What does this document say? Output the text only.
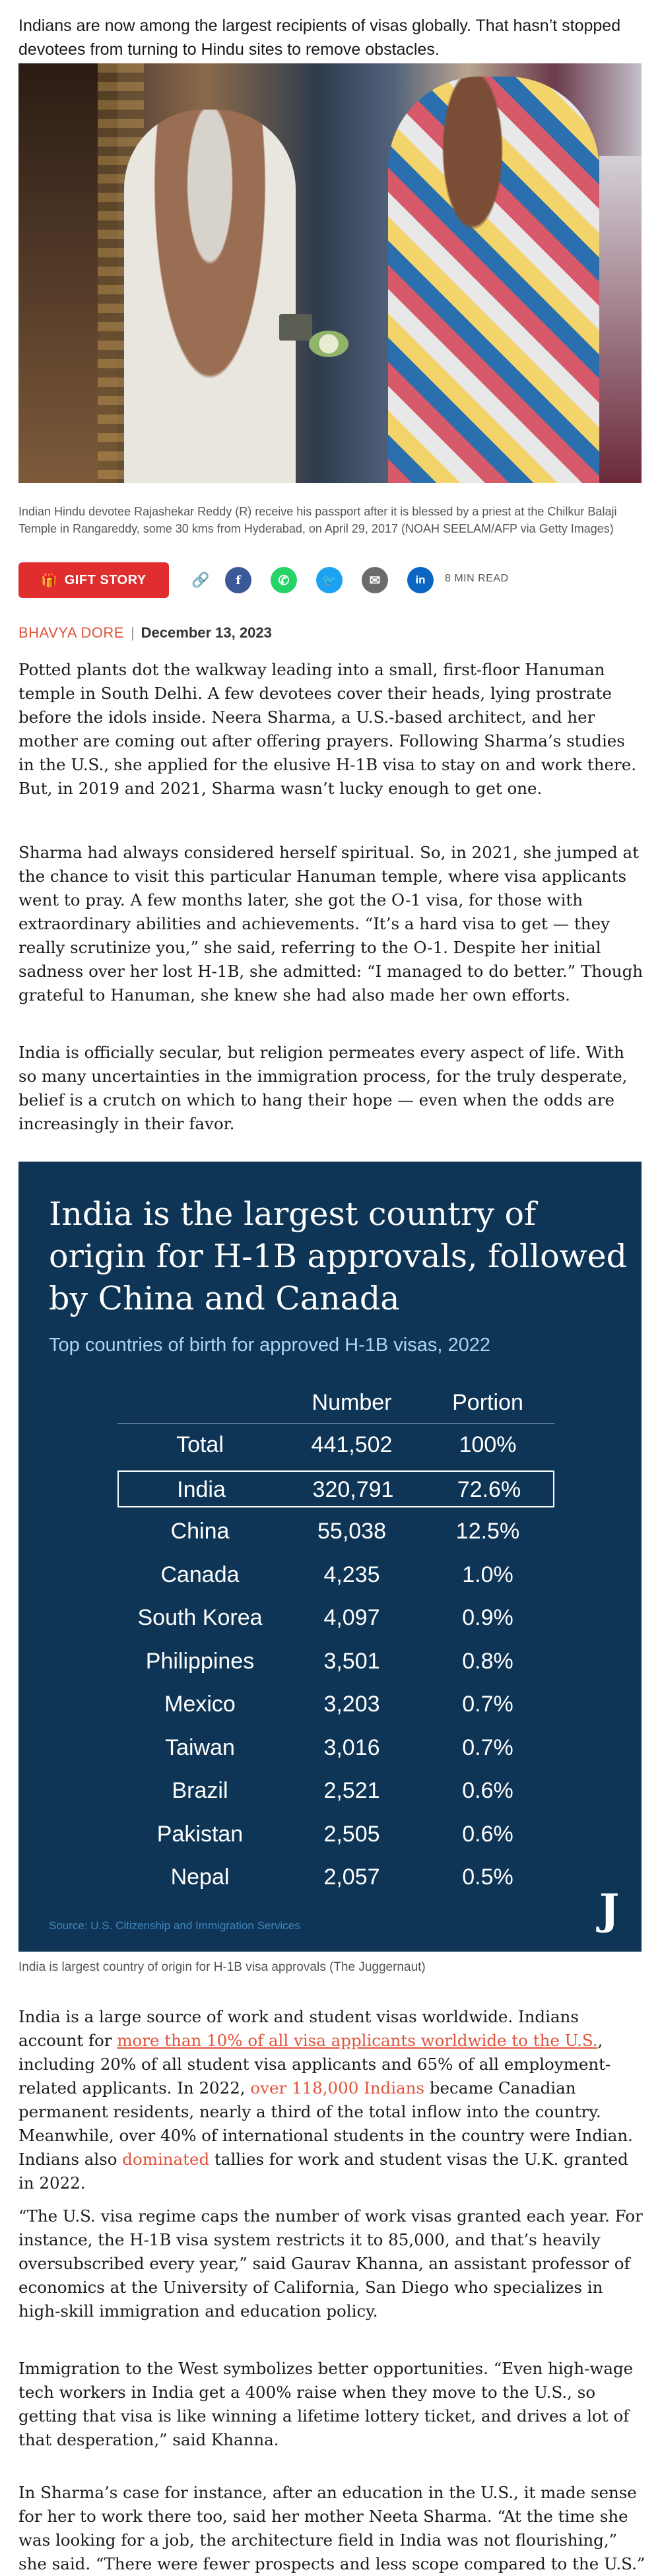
Indians are now among the largest recipients of visas globally. That hasn’t stopped devotees from turning to Hindu sites to remove obstacles.

Indian Hindu devotee Rajashekar Reddy (R) receive his passport after it is blessed by a priest at the Chilkur Balaji Temple in Rangareddy, some 30 kms from Hyderabad, on April 29, 2017 (NOAH SEELAM/AFP via Getty Images)

🎁 GIFT STORY	🔗	f	✆	🐦	✉	in	8 MIN READ
BHAVYA DORE | December 13, 2023

Potted plants dot the walkway leading into a small, first-floor Hanuman temple in South Delhi. A few devotees cover their heads, lying prostrate before the idols inside. Neera Sharma, a U.S.-based architect, and her mother are coming out after offering prayers. Following Sharma’s studies in the U.S., she applied for the elusive H-1B visa to stay on and work there. But, in 2019 and 2021, Sharma wasn’t lucky enough to get one.

Sharma had always considered herself spiritual. So, in 2021, she jumped at the chance to visit this particular Hanuman temple, where visa applicants went to pray. A few months later, she got the O-1 visa, for those with extraordinary abilities and achievements. “It’s a hard visa to get — they really scrutinize you,” she said, referring to the O-1. Despite her initial sadness over her lost H-1B, she admitted: “I managed to do better.” Though grateful to Hanuman, she knew she had also made her own efforts.

India is officially secular, but religion permeates every aspect of life. With so many uncertainties in the immigration process, for the truly desperate, belief is a crutch on which to hang their hope — even when the odds are increasingly in their favor.

India is the largest country of origin for H-1B approvals, followed by China and Canada
Top countries of birth for approved H-1B visas, 2022
Number	Portion
Total	441,502	100%
India	320,791	72.6%
China	55,038	12.5%
Canada	4,235	1.0%
South Korea	4,097	0.9%
Philippines	3,501	0.8%
Mexico	3,203	0.7%
Taiwan	3,016	0.7%
Brazil	2,521	0.6%
Pakistan	2,505	0.6%
Nepal	2,057	0.5%
Source: U.S. Citizenship and Immigration Services	J

India is largest country of origin for H-1B visa approvals (The Juggernaut)

India is a large source of work and student visas worldwide. Indians account for more than 10% of all visa applicants worldwide to the U.S., including 20% of all student visa applicants and 65% of all employment-related applicants. In 2022, over 118,000 Indians became Canadian permanent residents, nearly a third of the total inflow into the country. Meanwhile, over 40% of international students in the country were Indian. Indians also dominated tallies for work and student visas the U.K. granted in 2022.

“The U.S. visa regime caps the number of work visas granted each year. For instance, the H-1B visa system restricts it to 85,000, and that’s heavily oversubscribed every year,” said Gaurav Khanna, an assistant professor of economics at the University of California, San Diego who specializes in high-skill immigration and education policy.

Immigration to the West symbolizes better opportunities. “Even high-wage tech workers in India get a 400% raise when they move to the U.S., so getting that visa is like winning a lifetime lottery ticket, and drives a lot of that desperation,” said Khanna.

In Sharma’s case for instance, after an education in the U.S., it made sense for her to work there too, said her mother Neeta Sharma. “At the time she was looking for a job, the architecture field in India was not flourishing,” she said. “There were fewer prospects and less scope compared to the U.S.”
